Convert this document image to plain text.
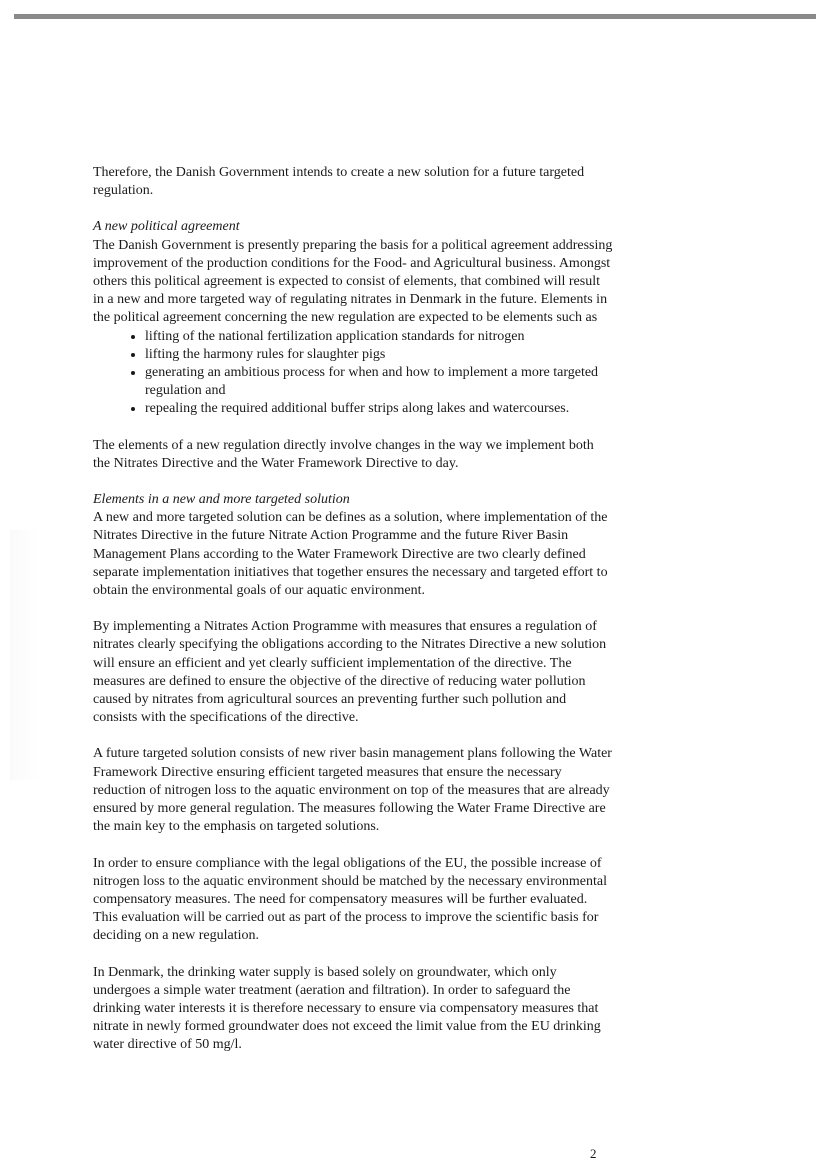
Therefore, the Danish Government intends to create a new solution for a future targeted regulation.

A new political agreement

The Danish Government is presently preparing the basis for a political agreement addressing improvement of the production conditions for the Food- and Agricultural business. Amongst others this political agreement is expected to consist of elements, that combined will result in a new and more targeted way of regulating nitrates in Denmark in the future. Elements in the political agreement concerning the new regulation are expected to be elements such as

• lifting of the national fertilization application standards for nitrogen
• lifting the harmony rules for slaughter pigs
• generating an ambitious process for when and how to implement a more targeted regulation and
• repealing the required additional buffer strips along lakes and watercourses.

The elements of a new regulation directly involve changes in the way we implement both the Nitrates Directive and the Water Framework Directive to day.

Elements in a new and more targeted solution

A new and more targeted solution can be defines as a solution, where implementation of the Nitrates Directive in the future Nitrate Action Programme and the future River Basin Management Plans according to the Water Framework Directive are two clearly defined separate implementation initiatives that together ensures the necessary and targeted effort to obtain the environmental goals of our aquatic environment.

By implementing a Nitrates Action Programme with measures that ensures a regulation of nitrates clearly specifying the obligations according to the Nitrates Directive a new solution will ensure an efficient and yet clearly sufficient implementation of the directive. The measures are defined to ensure the objective of the directive of reducing water pollution caused by nitrates from agricultural sources an preventing further such pollution and consists with the specifications of the directive.

A future targeted solution consists of new river basin management plans following the Water Framework Directive ensuring efficient targeted measures that ensure the necessary reduction of nitrogen loss to the aquatic environment on top of the measures that are already ensured by more general regulation. The measures following the Water Frame Directive are the main key to the emphasis on targeted solutions.

In order to ensure compliance with the legal obligations of the EU, the possible increase of nitrogen loss to the aquatic environment should be matched by the necessary environmental compensatory measures. The need for compensatory measures will be further evaluated. This evaluation will be carried out as part of the process to improve the scientific basis for deciding on a new regulation.

In Denmark, the drinking water supply is based solely on groundwater, which only undergoes a simple water treatment (aeration and filtration). In order to safeguard the drinking water interests it is therefore necessary to ensure via compensatory measures that nitrate in newly formed groundwater does not exceed the limit value from the EU drinking water directive of 50 mg/l.

2
